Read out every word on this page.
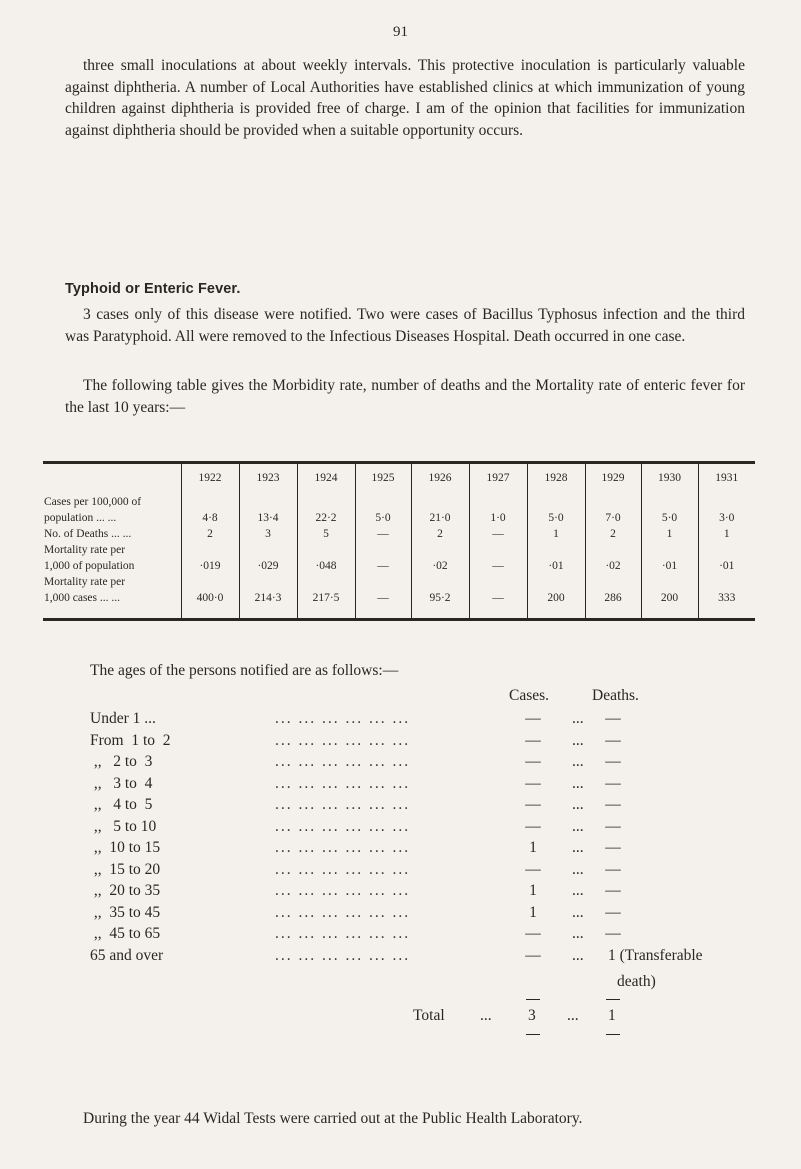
91
three small inoculations at about weekly intervals. This protective inoculation is particularly valuable against diphtheria. A number of Local Authorities have established clinics at which immunization of young children against diphtheria is provided free of charge. I am of the opinion that facilities for immunization against diphtheria should be provided when a suitable opportunity occurs.
Typhoid or Enteric Fever.
3 cases only of this disease were notified. Two were cases of Bacillus Typhosus infection and the third was Paratyphoid. All were removed to the Infectious Diseases Hospital. Death occurred in one case.
The following table gives the Morbidity rate, number of deaths and the Mortality rate of enteric fever for the last 10 years:—
	1922	1923	1924	1925	1926	1927	1928	1929	1930	1931
Cases per 100,000 of										
population ... ...	4·8	13·4	22·2	5·0	21·0	1·0	5·0	7·0	5·0	3·0
No. of Deaths ... ...	2	3	5	—	2	—	1	2	1	1
Mortality rate per										
1,000 of population	·019	·029	·048	—	·02	—	·01	·02	·01	·01
Mortality rate per										
1,000 cases ... ...	400·0	214·3	217·5	—	95·2	—	200	286	200	333

The ages of the persons notified are as follows:—
Cases.	Deaths.
Under 1 ...	... ... ... ... ... ...	—	...	—
From  1 to  2	... ... ... ... ... ...	—	...	—
,,   2 to  3	... ... ... ... ... ...	—	...	—
,,   3 to  4	... ... ... ... ... ...	—	...	—
,,   4 to  5	... ... ... ... ... ...	—	...	—
,,   5 to 10	... ... ... ... ... ...	—	...	—
,,  10 to 15	... ... ... ... ... ...	1	...	—
,,  15 to 20	... ... ... ... ... ...	—	...	—
,,  20 to 35	... ... ... ... ... ...	1	...	—
,,  35 to 45	... ... ... ... ... ...	1	...	—
,,  45 to 65	... ... ... ... ... ...	—	...	—
65 and over	... ... ... ... ... ...	—	... 1 (Transferable
death)
Total ... 3 ... 1
During the year 44 Widal Tests were carried out at the Public Health Laboratory.
